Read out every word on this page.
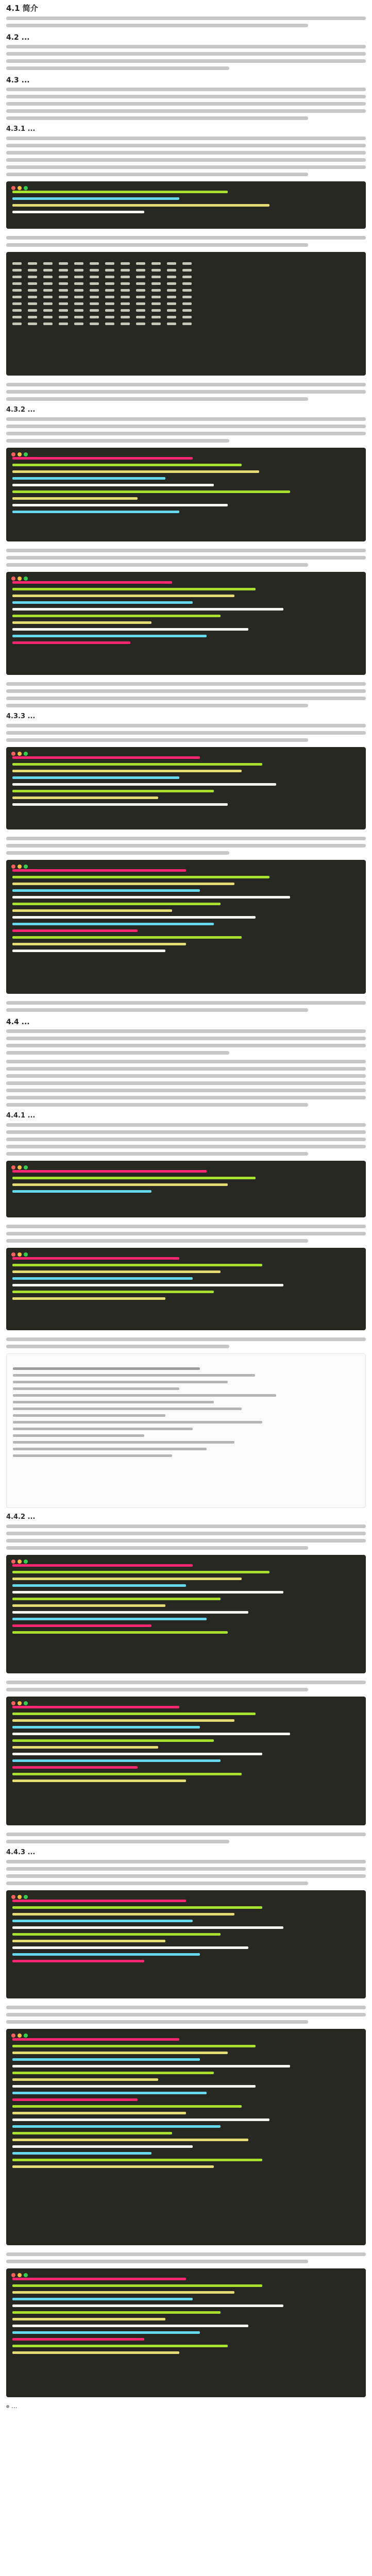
4.1 简介
4.2 ...
4.3 ...
4.3.1 ...
4.3.2 ...
4.3.3 ...
4.4 ...
4.4.1 ...
4.4.2 ...
4.4.3 ...
...
